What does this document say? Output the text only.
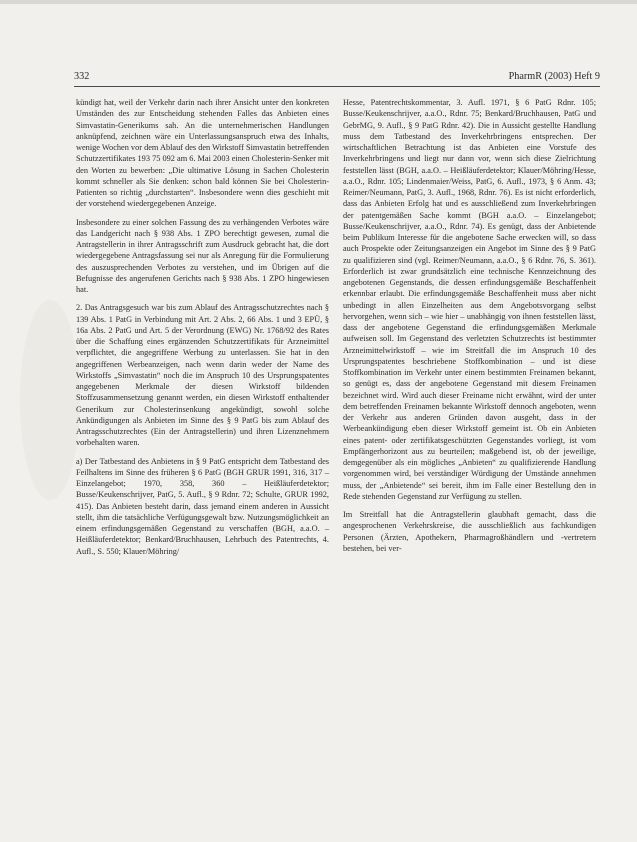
332	PharmR (2003) Heft 9

kündigt hat, weil der Verkehr darin nach ihrer Ansicht unter den konkreten Umständen des zur Entscheidung stehenden Falles das Anbieten eines Simvastatin-Generikums sah. An die unternehmerischen Handlungen anknüpfend, zeichnen wäre ein Unterlassungsanspruch etwa des Inhalts, wenige Wochen vor dem Ablauf des den Wirkstoff Simvastatin betreffenden Schutzzertifikates 193 75 092 am 6. Mai 2003 einen Cholesterin-Senker mit den Worten zu bewerben: „Die ultimative Lösung in Sachen Cholesterin kommt schneller als Sie denken: schon bald können Sie bei Cholesterin-Patienten so richtig „durchstarten“. Insbesondere wenn dies geschieht mit der vorstehend wiedergegebenen Anzeige.

Insbesondere zu einer solchen Fassung des zu verhängenden Verbotes wäre das Landgericht nach § 938 Abs. 1 ZPO berechtigt gewesen, zumal die Antragstellerin in ihrer Antragsschrift zum Ausdruck gebracht hat, die dort wiedergegebene Antragsfassung sei nur als Anregung für die Formulierung des auszusprechenden Verbotes zu verstehen, und im Übrigen auf die Befugnisse des angerufenen Gerichts nach § 938 Abs. 1 ZPO hingewiesen hat.

2. Das Antragsgesuch war bis zum Ablauf des Antragsschutzrechtes nach § 139 Abs. 1 PatG in Verbindung mit Art. 2 Abs. 2, 66 Abs. 1 und 3 EPÜ, § 16a Abs. 2 PatG und Art. 5 der Verordnung (EWG) Nr. 1768/92 des Rates über die Schaffung eines ergänzenden Schutzzertifikats für Arzneimittel verpflichtet, die angegriffene Werbung zu unterlassen. Sie hat in den angegriffenen Werbeanzeigen, nach wenn darin weder der Name des Wirkstoffs „Simvastatin“ noch die im Anspruch 10 des Ursprungspatentes angegebenen Merkmale der diesen Wirkstoff bildenden Stoffzusammensetzung genannt werden, ein diesen Wirkstoff enthaltender Generikum zur Cholesterinsenkung angekündigt, sowohl solche Ankündigungen als Anbieten im Sinne des § 9 PatG bis zum Ablauf des Antragsschutzrechtes (Ein der Antragstellerin) und ihren Lizenznehmern vorbehalten waren.

a) Der Tatbestand des Anbietens in § 9 PatG entspricht dem Tatbestand des Feilhaltens im Sinne des früheren § 6 PatG (BGH GRUR 1991, 316, 317 – Einzelangebot; 1970, 358, 360 – Heißläuferdetektor; Busse/Keukenschrijver, PatG, 5. Aufl., § 9 Rdnr. 72; Schulte, GRUR 1992, 415). Das Anbieten besteht darin, dass jemand einem anderen in Aussicht stellt, ihm die tatsächliche Verfügungsgewalt bzw. Nutzungsmöglichkeit an einem erfindungsgemäßen Gegenstand zu verschaffen (BGH, a.a.O. – Heißläuferdetektor; Benkard/Bruchhausen, Lehrbuch des Patentrechts, 4. Aufl., S. 550; Klauer/Möhring/

Hesse, Patentrechtskommentar, 3. Aufl. 1971, § 6 PatG Rdnr. 105; Busse/Keukenschrijver, a.a.O., Rdnr. 75; Benkard/Bruchhausen, PatG und GebrMG, 9. Aufl., § 9 PatG Rdnr. 42). Die in Aussicht gestellte Handlung muss dem Tatbestand des Inverkehrbringens entsprechen. Der wirtschaftlichen Betrachtung ist das Anbieten eine Vorstufe des Inverkehrbringens und liegt nur dann vor, wenn sich diese Zielrichtung feststellen lässt (BGH, a.a.O. – Heißläuferdetektor; Klauer/Möhring/Hesse, a.a.O., Rdnr. 105; Lindenmaier/Weiss, PatG, 6. Aufl., 1973, § 6 Anm. 43; Reimer/Neumann, PatG, 3. Aufl., 1968, Rdnr. 76). Es ist nicht erforderlich, dass das Anbieten Erfolg hat und es ausschließend zum Inverkehrbringen der patentgemäßen Sache kommt (BGH a.a.O. – Einzelangebot; Busse/Keukenschrijver, a.a.O., Rdnr. 74). Es genügt, dass der Anbietende beim Publikum Interesse für die angebotene Sache erwecken will, so dass auch Prospekte oder Zeitungsanzeigen ein Angebot im Sinne des § 9 PatG zu qualifizieren sind (vgl. Reimer/Neumann, a.a.O., § 6 Rdnr. 76, S. 361). Erforderlich ist zwar grundsätzlich eine technische Kennzeichnung des angebotenen Gegenstands, die dessen erfindungsgemäße Beschaffenheit erkennbar erlaubt. Die erfindungsgemäße Beschaffenheit muss aber nicht unbedingt in allen Einzelheiten aus dem Angebotsvorgang selbst hervorgehen, wenn sich – wie hier – unabhängig von ihnen feststellen lässt, dass der angebotene Gegenstand die erfindungsgemäßen Merkmale aufweisen soll. Im Gegenstand des verletzten Schutzrechts ist bestimmter Arzneimittelwirkstoff – wie im Streitfall die im Anspruch 10 des Ursprungspatentes beschriebene Stoffkombination – und ist diese Stoffkombination im Verkehr unter einem bestimmten Freinamen bekannt, so genügt es, dass der angebotene Gegenstand mit diesem Freinamen bezeichnet wird. Wird auch dieser Freiname nicht erwähnt, wird der unter dem betreffenden Freinamen bekannte Wirkstoff dennoch angeboten, wenn der Verkehr aus anderen Gründen davon ausgeht, dass in der Werbeankündigung eben dieser Wirkstoff gemeint ist. Ob ein Anbieten eines patent- oder zertifikatsgeschützten Gegenstandes vorliegt, ist vom Empfängerhorizont aus zu beurteilen; maßgebend ist, ob der jeweilige, demgegenüber als ein mögliches „Anbieten“ zu qualifizierende Handlung vorgenommen wird, bei verständiger Würdigung der Umstände annehmen muss, der „Anbietende“ sei bereit, ihm im Falle einer Bestellung den in Rede stehenden Gegenstand zur Verfügung zu stellen.

Im Streitfall hat die Antragstellerin glaubhaft gemacht, dass die angesprochenen Verkehrskreise, die ausschließlich aus fachkundigen Personen (Ärzten, Apothekern, Pharmagroßhändlern und -vertretern bestehen, bei ver-
